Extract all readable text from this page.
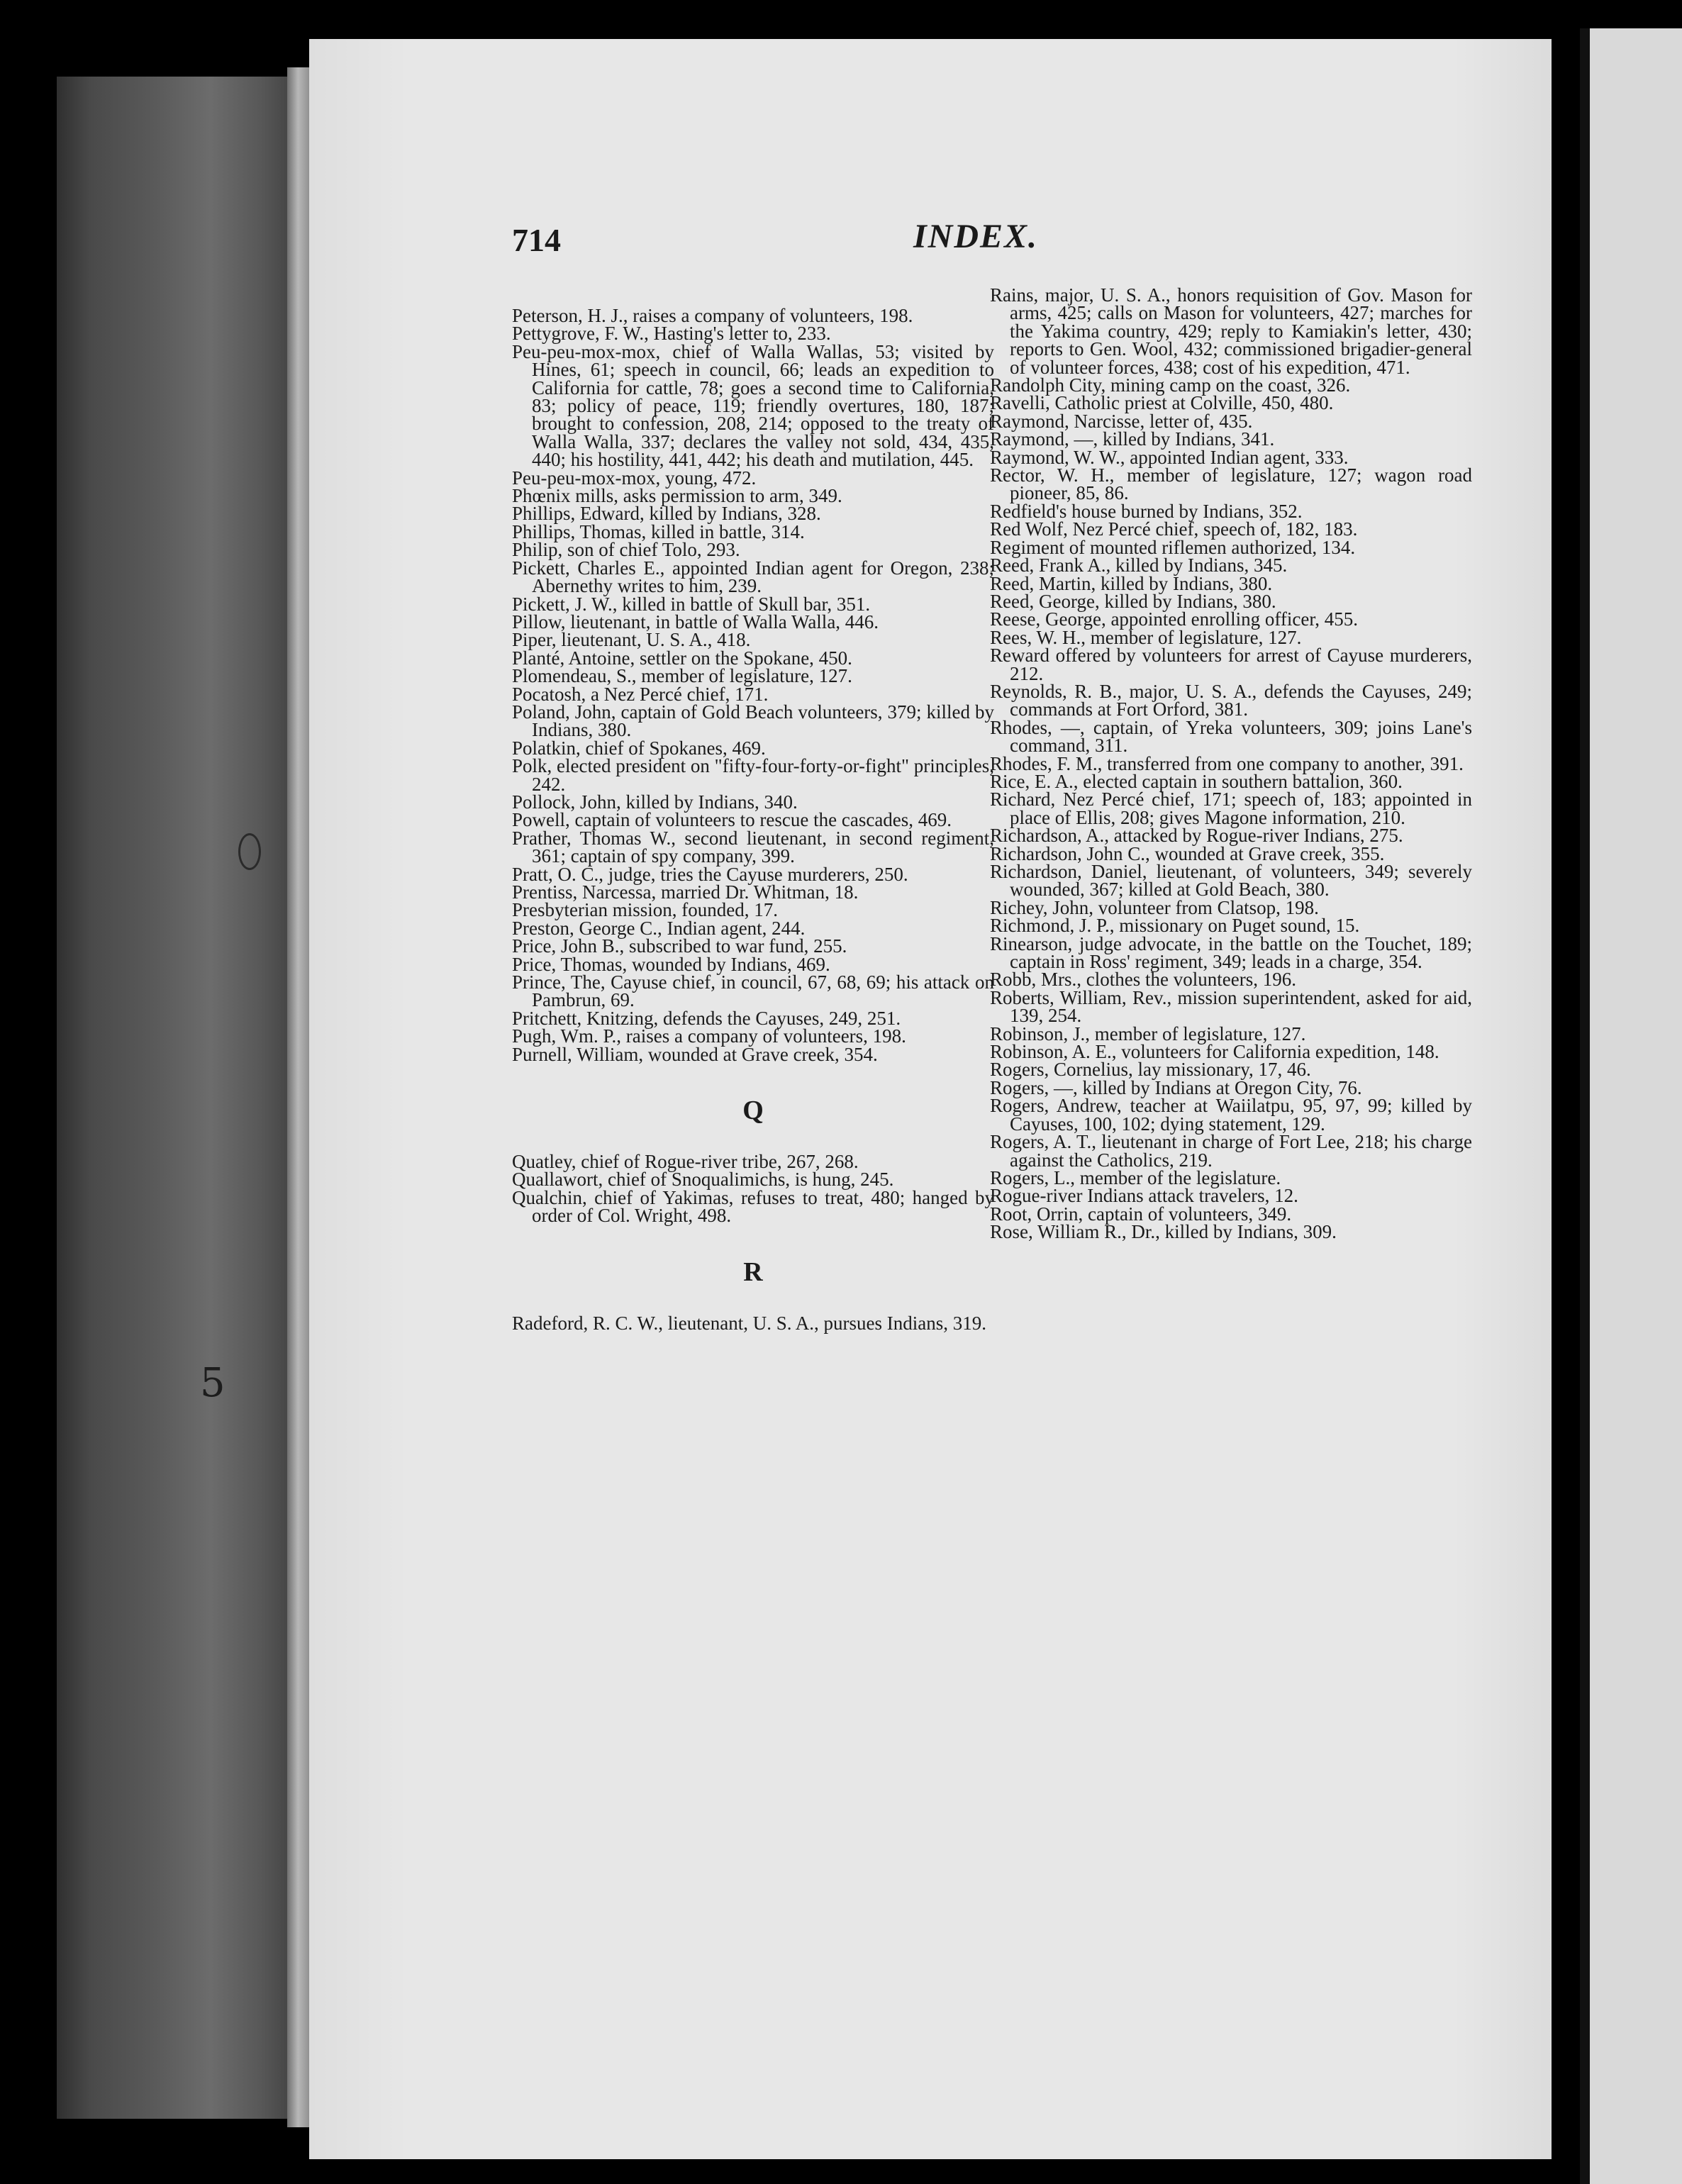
5
714	INDEX.
Peterson, H. J., raises a company of volunteers, 198.
Pettygrove, F. W., Hasting's letter to, 233.
Peu-peu-mox-mox, chief of Walla Wallas, 53; visited by Hines, 61; speech in council, 66; leads an expedition to California for cattle, 78; goes a second time to California, 83; policy of peace, 119; friendly overtures, 180, 187; brought to confession, 208, 214; opposed to the treaty of Walla Walla, 337; declares the valley not sold, 434, 435, 440; his hostility, 441, 442; his death and mutilation, 445.
Peu-peu-mox-mox, young, 472.
Phœnix mills, asks permission to arm, 349.
Phillips, Edward, killed by Indians, 328.
Phillips, Thomas, killed in battle, 314.
Philip, son of chief Tolo, 293.
Pickett, Charles E., appointed Indian agent for Oregon, 238; Abernethy writes to him, 239.
Pickett, J. W., killed in battle of Skull bar, 351.
Pillow, lieutenant, in battle of Walla Walla, 446.
Piper, lieutenant, U. S. A., 418.
Planté, Antoine, settler on the Spokane, 450.
Plomendeau, S., member of legislature, 127.
Pocatosh, a Nez Percé chief, 171.
Poland, John, captain of Gold Beach volunteers, 379; killed by Indians, 380.
Polatkin, chief of Spokanes, 469.
Polk, elected president on "fifty-four-forty-or-fight" principles, 242.
Pollock, John, killed by Indians, 340.
Powell, captain of volunteers to rescue the cascades, 469.
Prather, Thomas W., second lieutenant, in second regiment, 361; captain of spy company, 399.
Pratt, O. C., judge, tries the Cayuse murderers, 250.
Prentiss, Narcessa, married Dr. Whitman, 18.
Presbyterian mission, founded, 17.
Preston, George C., Indian agent, 244.
Price, John B., subscribed to war fund, 255.
Price, Thomas, wounded by Indians, 469.
Prince, The, Cayuse chief, in council, 67, 68, 69; his attack on Pambrun, 69.
Pritchett, Knitzing, defends the Cayuses, 249, 251.
Pugh, Wm. P., raises a company of volunteers, 198.
Purnell, William, wounded at Grave creek, 354.
Q
Quatley, chief of Rogue-river tribe, 267, 268.
Quallawort, chief of Snoqualimichs, is hung, 245.
Qualchin, chief of Yakimas, refuses to treat, 480; hanged by order of Col. Wright, 498.
R
Radeford, R. C. W., lieutenant, U. S. A., pursues Indians, 319.
Rains, major, U. S. A., honors requisition of Gov. Mason for arms, 425; calls on Mason for volunteers, 427; marches for the Yakima country, 429; reply to Kamiakin's letter, 430; reports to Gen. Wool, 432; commissioned brigadier-general of volunteer forces, 438; cost of his expedition, 471.
Randolph City, mining camp on the coast, 326.
Ravelli, Catholic priest at Colville, 450, 480.
Raymond, Narcisse, letter of, 435.
Raymond, —, killed by Indians, 341.
Raymond, W. W., appointed Indian agent, 333.
Rector, W. H., member of legislature, 127; wagon road pioneer, 85, 86.
Redfield's house burned by Indians, 352.
Red Wolf, Nez Percé chief, speech of, 182, 183.
Regiment of mounted riflemen authorized, 134.
Reed, Frank A., killed by Indians, 345.
Reed, Martin, killed by Indians, 380.
Reed, George, killed by Indians, 380.
Reese, George, appointed enrolling officer, 455.
Rees, W. H., member of legislature, 127.
Reward offered by volunteers for arrest of Cayuse murderers, 212.
Reynolds, R. B., major, U. S. A., defends the Cayuses, 249; commands at Fort Orford, 381.
Rhodes, —, captain, of Yreka volunteers, 309; joins Lane's command, 311.
Rhodes, F. M., transferred from one company to another, 391.
Rice, E. A., elected captain in southern battalion, 360.
Richard, Nez Percé chief, 171; speech of, 183; appointed in place of Ellis, 208; gives Magone information, 210.
Richardson, A., attacked by Rogue-river Indians, 275.
Richardson, John C., wounded at Grave creek, 355.
Richardson, Daniel, lieutenant, of volunteers, 349; severely wounded, 367; killed at Gold Beach, 380.
Richey, John, volunteer from Clatsop, 198.
Richmond, J. P., missionary on Puget sound, 15.
Rinearson, judge advocate, in the battle on the Touchet, 189; captain in Ross' regiment, 349; leads in a charge, 354.
Robb, Mrs., clothes the volunteers, 196.
Roberts, William, Rev., mission superintendent, asked for aid, 139, 254.
Robinson, J., member of legislature, 127.
Robinson, A. E., volunteers for California expedition, 148.
Rogers, Cornelius, lay missionary, 17, 46.
Rogers, —, killed by Indians at Oregon City, 76.
Rogers, Andrew, teacher at Waiilatpu, 95, 97, 99; killed by Cayuses, 100, 102; dying statement, 129.
Rogers, A. T., lieutenant in charge of Fort Lee, 218; his charge against the Catholics, 219.
Rogers, L., member of the legislature.
Rogue-river Indians attack travelers, 12.
Root, Orrin, captain of volunteers, 349.
Rose, William R., Dr., killed by Indians, 309.
